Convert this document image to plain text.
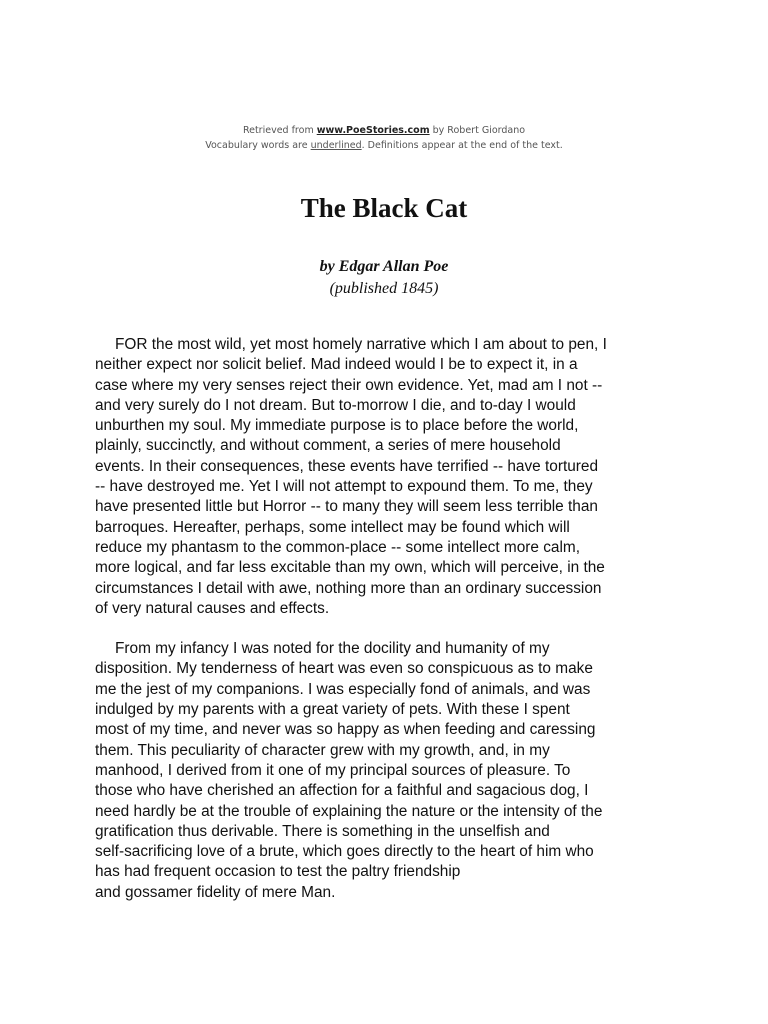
Retrieved from www.PoeStories.com by Robert Giordano
Vocabulary words are underlined. Definitions appear at the end of the text.
The Black Cat
by Edgar Allan Poe
(published 1845)
FOR the most wild, yet most homely narrative which I am about to pen, I
neither expect nor solicit belief. Mad indeed would I be to expect it, in a
case where my very senses reject their own evidence. Yet, mad am I not --
and very surely do I not dream. But to-morrow I die, and to-day I would
unburthen my soul. My immediate purpose is to place before the world,
plainly, succinctly, and without comment, a series of mere household
events. In their consequences, these events have terrified -- have tortured
-- have destroyed me. Yet I will not attempt to expound them. To me, they
have presented little but Horror -- to many they will seem less terrible than
barroques. Hereafter, perhaps, some intellect may be found which will
reduce my phantasm to the common-place -- some intellect more calm,
more logical, and far less excitable than my own, which will perceive, in the
circumstances I detail with awe, nothing more than an ordinary succession
of very natural causes and effects.
From my infancy I was noted for the docility and humanity of my
disposition. My tenderness of heart was even so conspicuous as to make
me the jest of my companions. I was especially fond of animals, and was
indulged by my parents with a great variety of pets. With these I spent
most of my time, and never was so happy as when feeding and caressing
them. This peculiarity of character grew with my growth, and, in my
manhood, I derived from it one of my principal sources of pleasure. To
those who have cherished an affection for a faithful and sagacious dog, I
need hardly be at the trouble of explaining the nature or the intensity of the
gratification thus derivable. There is something in the unselfish and
self-sacrificing love of a brute, which goes directly to the heart of him who
has had frequent occasion to test the paltry friendship
and gossamer fidelity of mere Man.
